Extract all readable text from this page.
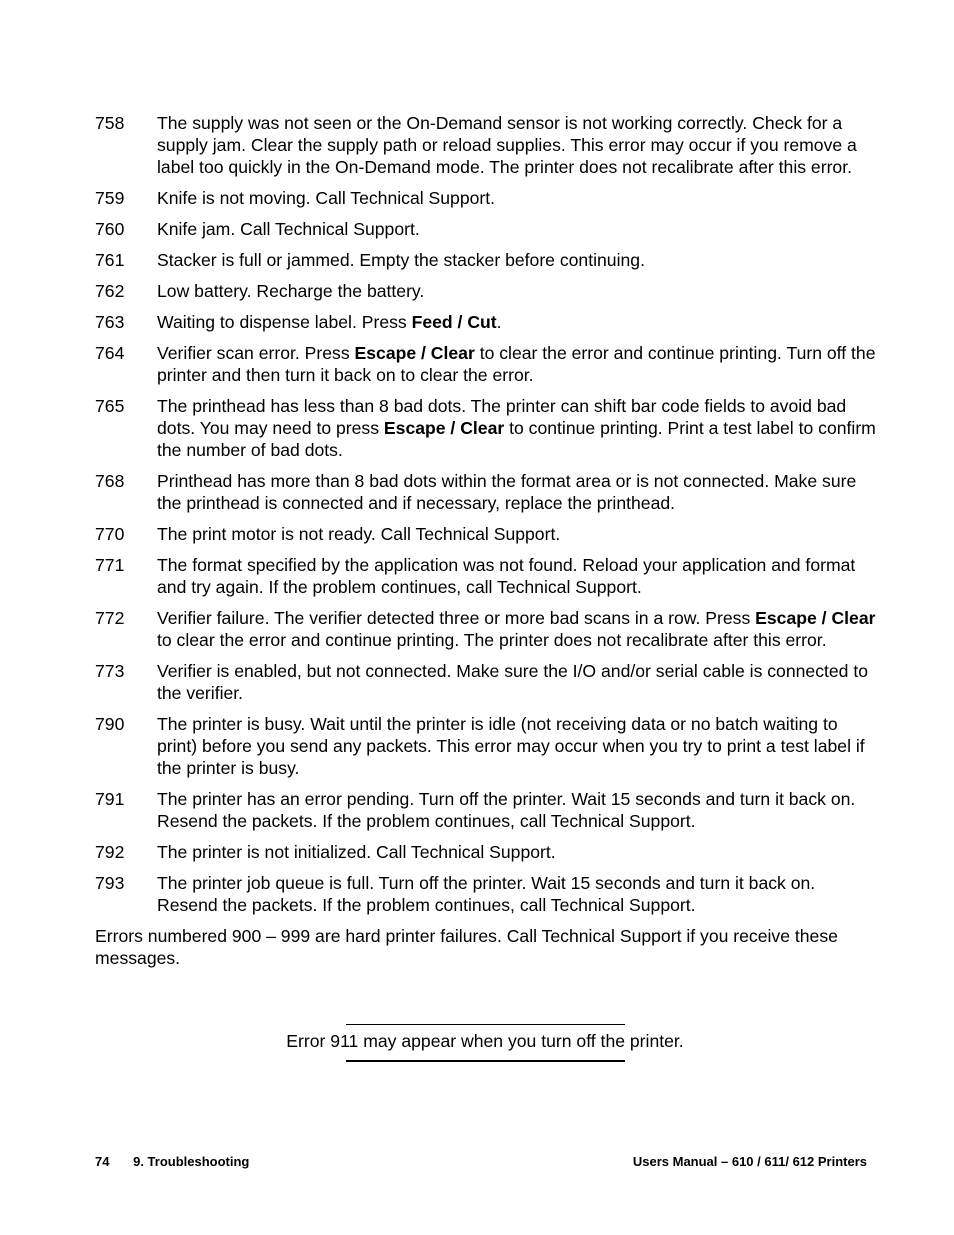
758	The supply was not seen or the On-Demand sensor is not working correctly. Check for a supply jam. Clear the supply path or reload supplies. This error may occur if you remove a label too quickly in the On-Demand mode. The printer does not recalibrate after this error.
759	Knife is not moving. Call Technical Support.
760	Knife jam. Call Technical Support.
761	Stacker is full or jammed. Empty the stacker before continuing.
762	Low battery. Recharge the battery.
763	Waiting to dispense label. Press Feed / Cut.
764	Verifier scan error. Press Escape / Clear to clear the error and continue printing. Turn off the printer and then turn it back on to clear the error.
765	The printhead has less than 8 bad dots. The printer can shift bar code fields to avoid bad dots. You may need to press Escape / Clear to continue printing. Print a test label to confirm the number of bad dots.
768	Printhead has more than 8 bad dots within the format area or is not connected. Make sure the printhead is connected and if necessary, replace the printhead.
770	The print motor is not ready. Call Technical Support.
771	The format specified by the application was not found. Reload your application and format and try again. If the problem continues, call Technical Support.
772	Verifier failure. The verifier detected three or more bad scans in a row. Press Escape / Clear to clear the error and continue printing. The printer does not recalibrate after this error.
773	Verifier is enabled, but not connected. Make sure the I/O and/or serial cable is connected to the verifier.
790	The printer is busy. Wait until the printer is idle (not receiving data or no batch waiting to print) before you send any packets. This error may occur when you try to print a test label if the printer is busy.
791	The printer has an error pending. Turn off the printer. Wait 15 seconds and turn it back on. Resend the packets. If the problem continues, call Technical Support.
792	The printer is not initialized. Call Technical Support.
793	The printer job queue is full. Turn off the printer. Wait 15 seconds and turn it back on. Resend the packets. If the problem continues, call Technical Support.
Errors numbered 900 – 999 are hard printer failures. Call Technical Support if you receive these messages.
Error 911 may appear when you turn off the printer.
74 9. Troubleshooting	Users Manual – 610 / 611/ 612 Printers
